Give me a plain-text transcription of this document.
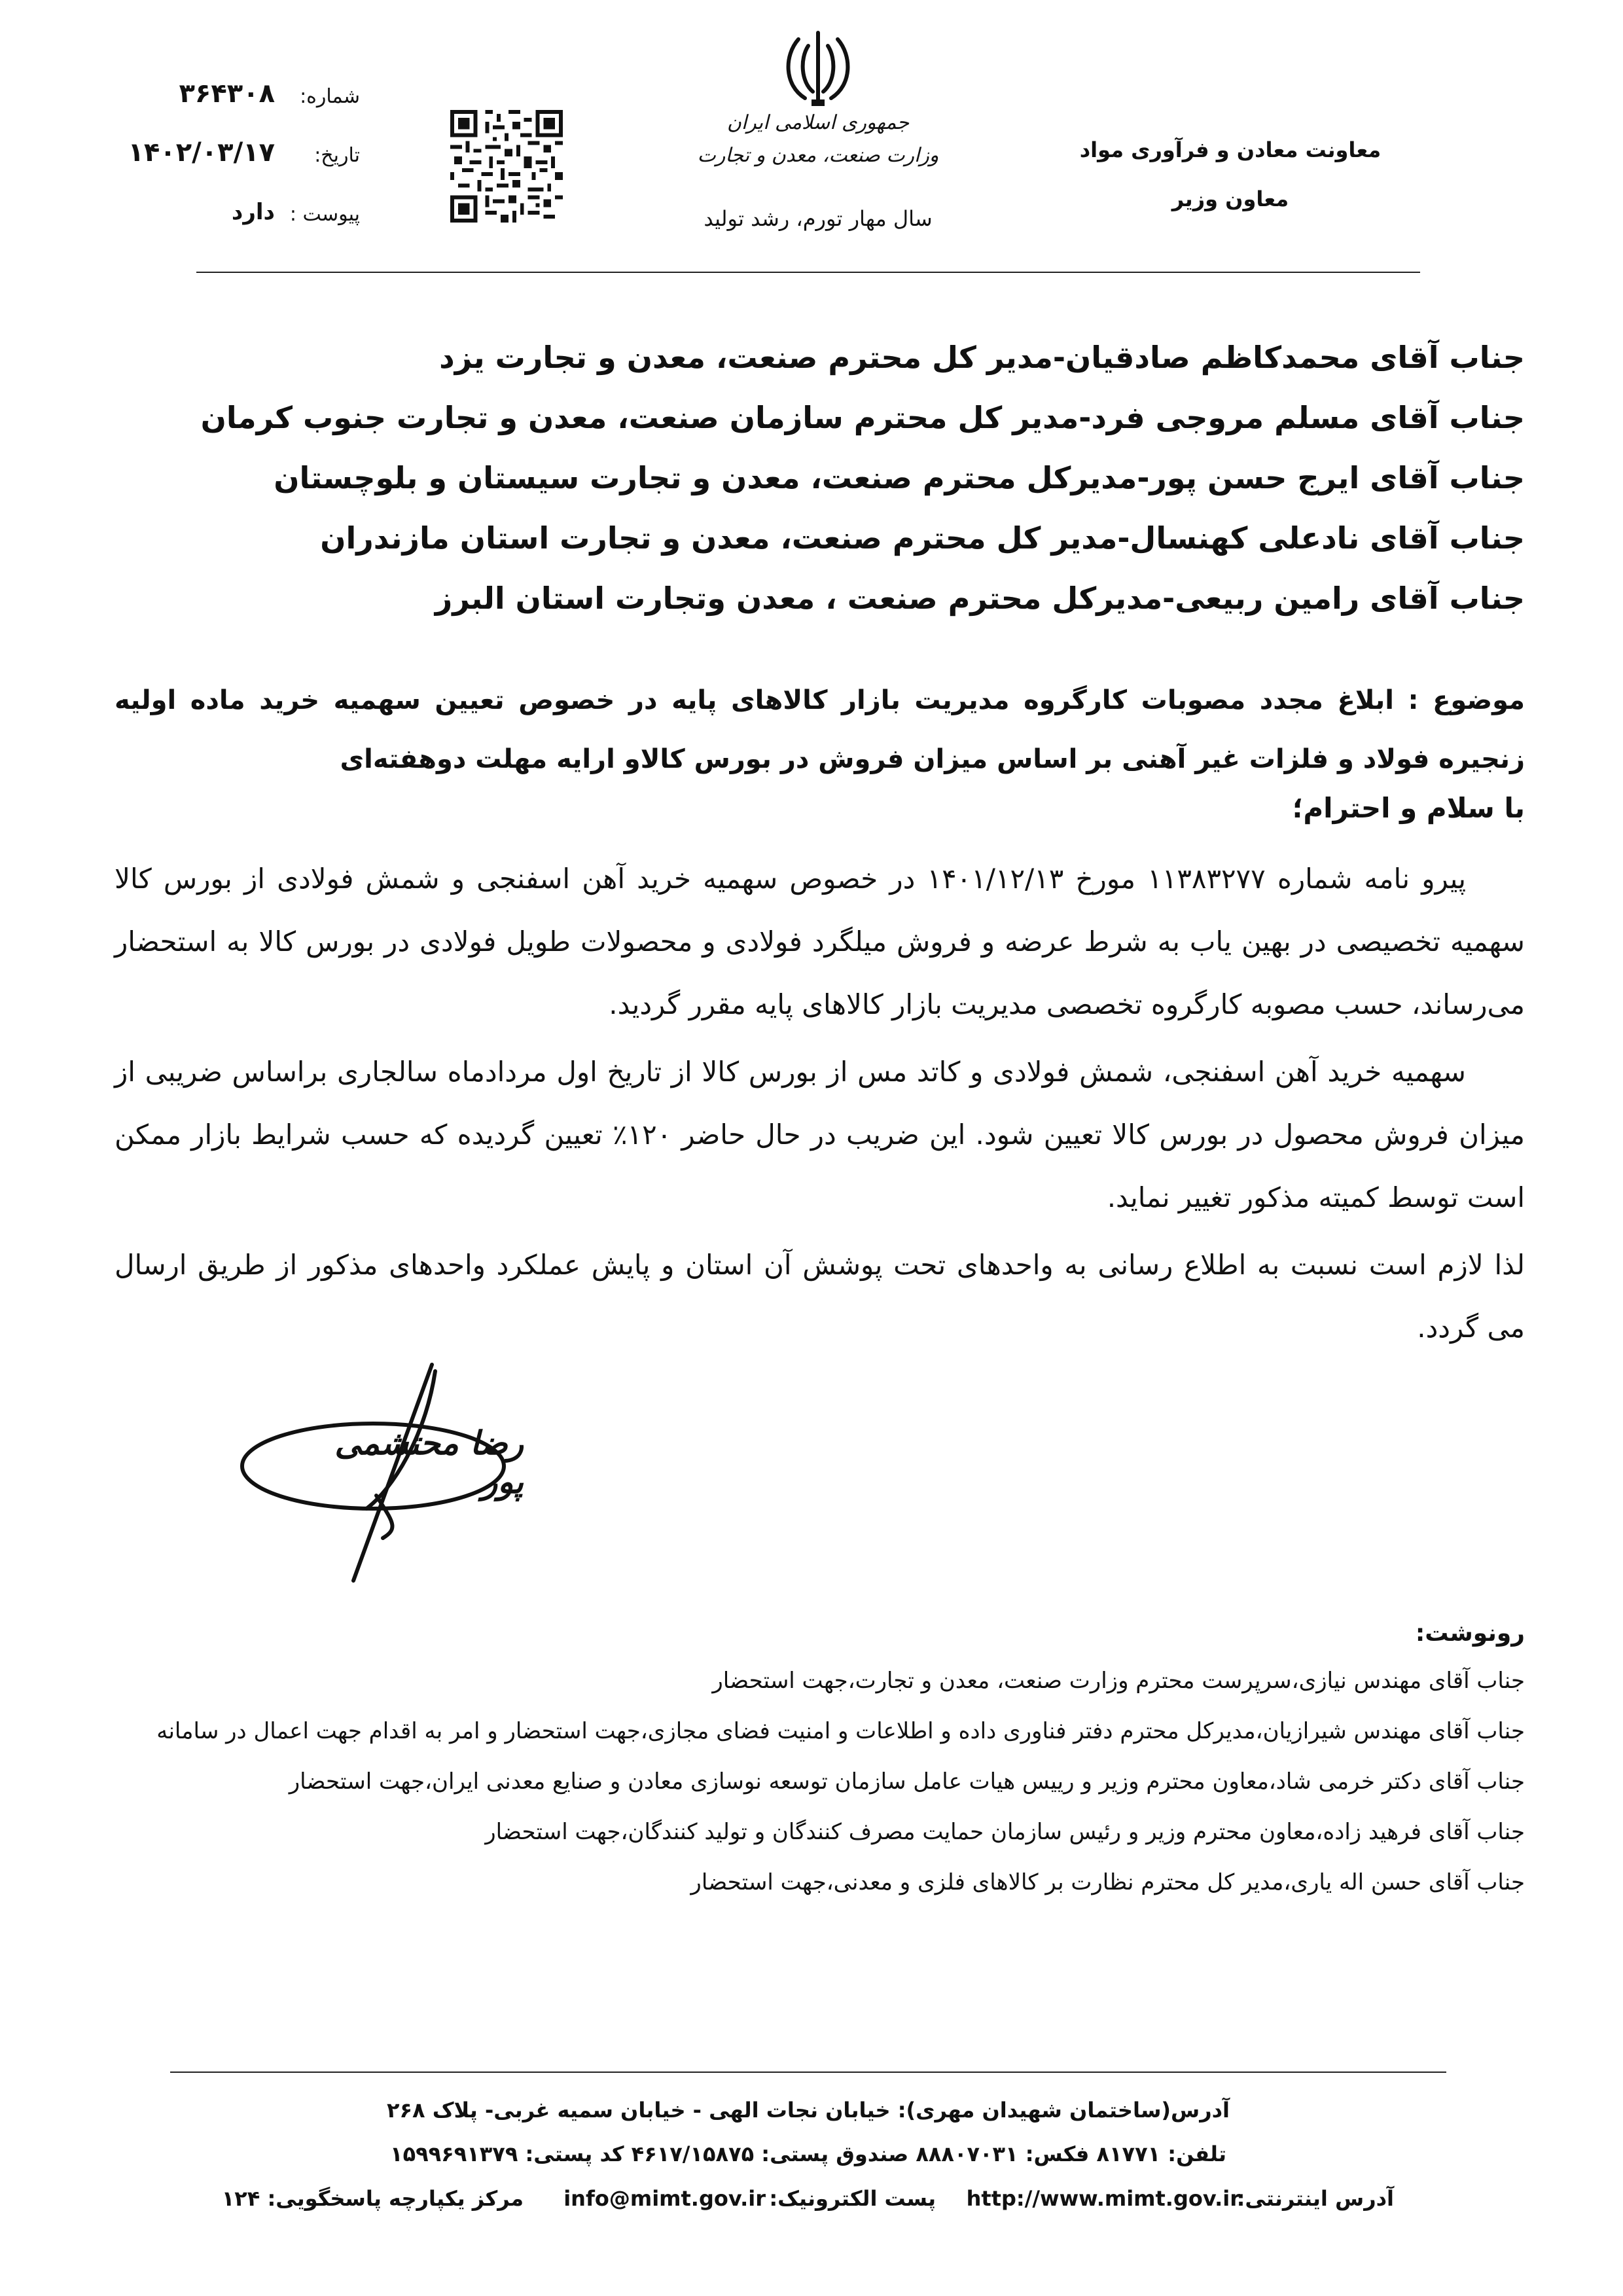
شماره:
۳۶۴۳۰۸
تاریخ:
۱۴۰۲/۰۳/۱۷
پیوست :
دارد
جمهوری اسلامی ایران
وزارت صنعت، معدن و تجارت
سال مهار تورم، رشد تولید
معاونت معادن و فرآوری مواد
معاون وزیر
جناب آقای محمدکاظم صادقیان-مدیر کل محترم صنعت، معدن و تجارت یزد
جناب آقای مسلم مروجی فرد-مدیر کل محترم سازمان صنعت، معدن و تجارت جنوب کرمان
جناب آقای ایرج حسن پور-مدیرکل محترم صنعت، معدن و تجارت سیستان و بلوچستان
جناب آقای نادعلی کهنسال-مدیر کل محترم صنعت، معدن و تجارت استان مازندران
جناب آقای رامین ربیعی-مدیرکل محترم صنعت ، معدن وتجارت استان البرز
موضوع : ابلاغ مجدد مصوبات کارگروه مدیریت بازار کالاهای پایه در خصوص تعیین سهمیه خرید ماده اولیه زنجیره فولاد و فلزات غیر آهنی بر اساس میزان فروش در بورس کالاو ارایه مهلت دوهفته‌ای
با سلام و احترام؛
پیرو نامه شماره ۱۱۳۸۳۲۷۷ مورخ ۱۴۰۱/۱۲/۱۳ در خصوص سهمیه خرید آهن اسفنجی و شمش فولادی از بورس کالا سهمیه تخصیصی در بهین یاب به شرط عرضه و فروش میلگرد فولادی و محصولات طویل فولادی در بورس کالا به استحضار می‌رساند، حسب مصوبه کارگروه تخصصی مدیریت بازار کالاهای پایه مقرر گردید.
سهمیه خرید آهن اسفنجی، شمش فولادی و کاتد مس از بورس کالا از تاریخ اول مردادماه سالجاری براساس ضریبی از میزان فروش محصول در بورس کالا تعیین شود. این ضریب در حال حاضر ۱۲۰٪ تعیین گردیده که حسب شرایط بازار ممکن است توسط کمیته مذکور تغییر نماید.
لذا لازم است نسبت به اطلاع رسانی به واحدهای تحت پوشش آن استان و پایش عملکرد واحدهای مذکور از طریق ارسال می گردد.
رضا محتشمی پور
رونوشت:
جناب آقای مهندس نیازی،سرپرست محترم وزارت صنعت، معدن و تجارت،جهت استحضار
جناب آقای مهندس شیرازیان،مدیرکل محترم دفتر فناوری داده و اطلاعات و امنیت فضای مجازی،جهت استحضار و امر به اقدام جهت اعمال در سامانه
جناب آقای دکتر خرمی شاد،معاون محترم وزیر و رییس هیات عامل سازمان توسعه نوسازی معادن و صنایع معدنی ایران،جهت استحضار
جناب آقای فرهید زاده،معاون محترم وزیر و رئیس سازمان حمایت مصرف کنندگان و تولید کنندگان،جهت استحضار
جناب آقای حسن اله یاری،مدیر کل محترم نظارت بر کالاهای فلزی و معدنی،جهت استحضار
آدرس(ساختمان شهیدان مهری): خیابان نجات الهی - خیابان سمیه غربی- پلاک ۲۶۸
تلفن: ۸۱۷۷۱ فکس: ۸۸۸۰۷۰۳۱ صندوق پستی: ۴۶۱۷/۱۵۸۷۵ کد پستی: ۱۵۹۹۶۹۱۳۷۹
آدرس اینترنتی:
http://www.mimt.gov.ir
پست الکترونیک:
info@mimt.gov.ir
مرکز یکپارچه پاسخگویی: ۱۲۴
